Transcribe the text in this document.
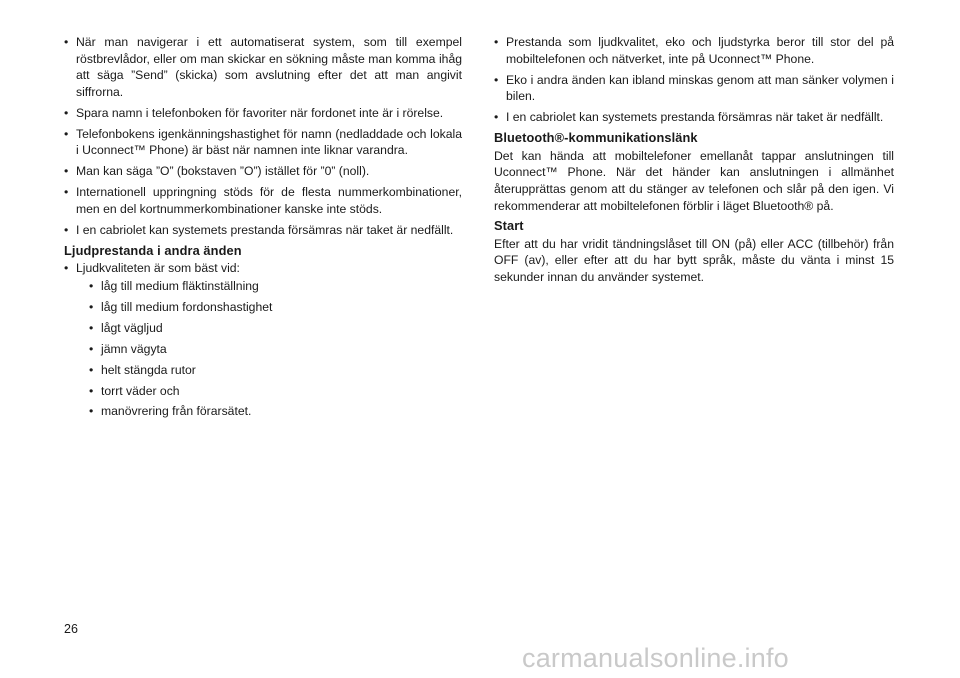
• När man navigerar i ett automatiserat system, som till exempel röstbrevlådor, eller om man skickar en sökning måste man komma ihåg att säga ”Send” (skicka) som avslutning efter det att man angivit siffrorna.
• Spara namn i telefonboken för favoriter när fordonet inte är i rörelse.
• Telefonbokens igenkänningshastighet för namn (nedladdade och lokala i Uconnect™ Phone) är bäst när namnen inte liknar varandra.
• Man kan säga ”O” (bokstaven ”O”) istället för ”0” (noll).
• Internationell uppringning stöds för de flesta nummerkombinationer, men en del kortnummerkombinationer kanske inte stöds.
• I en cabriolet kan systemets prestanda försämras när taket är nedfällt.
Ljudprestanda i andra änden
• Ljudkvaliteten är som bäst vid:
• låg till medium fläktinställning
• låg till medium fordonshastighet
• lågt vägljud
• jämn vägyta
• helt stängda rutor
• torrt väder och
• manövrering från förarsätet.
• Prestanda som ljudkvalitet, eko och ljudstyrka beror till stor del på mobiltelefonen och nätverket, inte på Uconnect™ Phone.
• Eko i andra änden kan ibland minskas genom att man sänker volymen i bilen.
• I en cabriolet kan systemets prestanda försämras när taket är nedfällt.
Bluetooth®-kommunikationslänk
Det kan hända att mobiltelefoner emellanåt tappar anslutningen till Uconnect™ Phone. När det händer kan anslutningen i allmänhet återupprättas genom att du stänger av telefonen och slår på den igen. Vi rekommenderar att mobiltelefonen förblir i läget Bluetooth® på.
Start
Efter att du har vridit tändningslåset till ON (på) eller ACC (tillbehör) från OFF (av), eller efter att du har bytt språk, måste du vänta i minst 15 sekunder innan du använder systemet.
26
carmanualsonline.info
